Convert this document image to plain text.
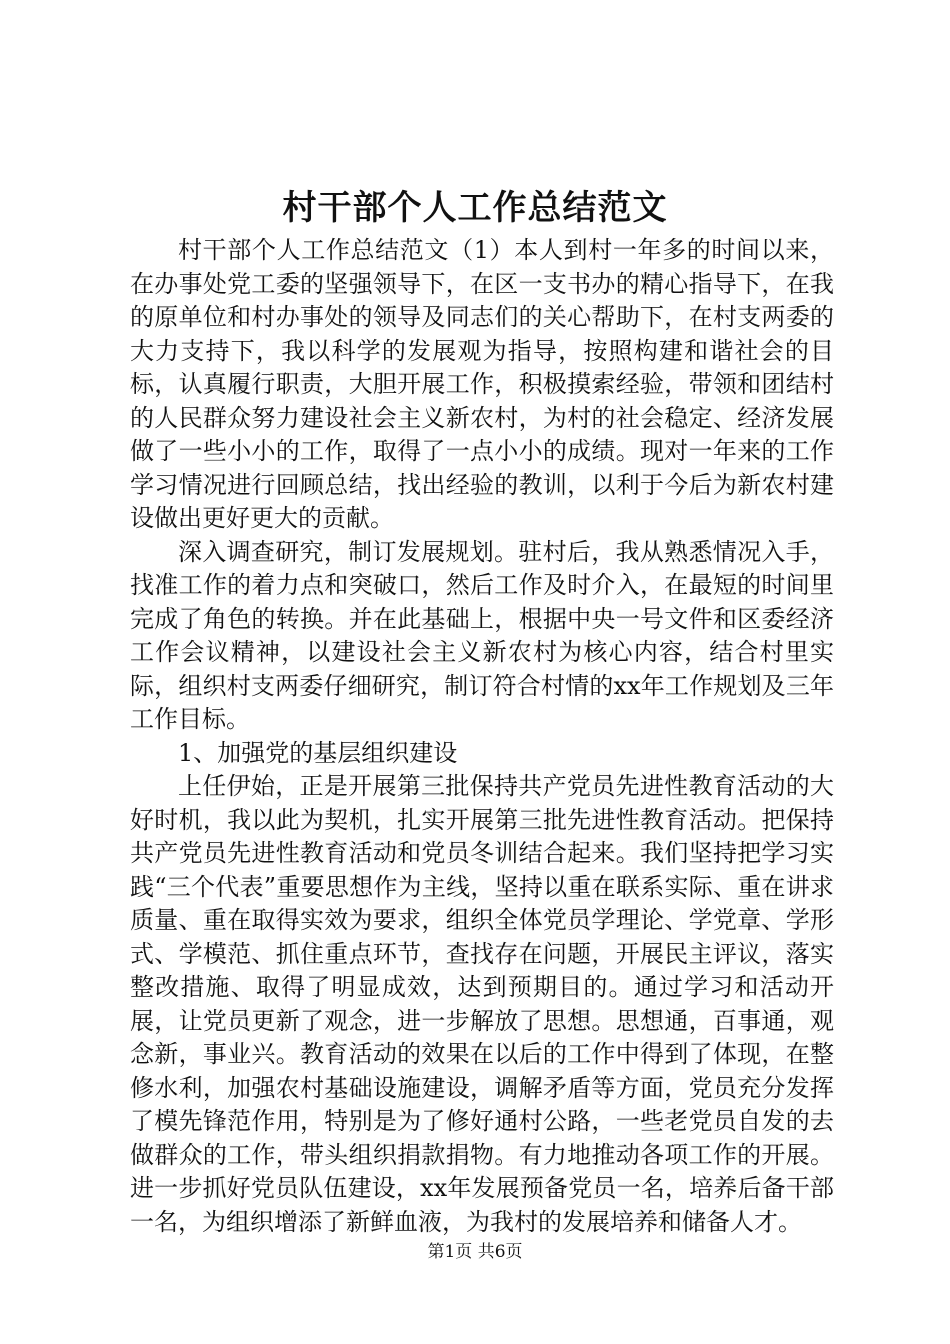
村干部个人工作总结范文

村干部个人工作总结范文（1）本人到村一年多的时间以来，在办事处党工委的坚强领导下，在区一支书办的精心指导下，在我的原单位和村办事处的领导及同志们的关心帮助下，在村支两委的大力支持下，我以科学的发展观为指导，按照构建和谐社会的目标，认真履行职责，大胆开展工作，积极摸索经验，带领和团结村的人民群众努力建设社会主义新农村，为村的社会稳定、经济发展做了一些小小的工作，取得了一点小小的成绩。现对一年来的工作学习情况进行回顾总结，找出经验的教训，以利于今后为新农村建设做出更好更大的贡献。

深入调查研究，制订发展规划。驻村后，我从熟悉情况入手，找准工作的着力点和突破口，然后工作及时介入，在最短的时间里完成了角色的转换。并在此基础上，根据中央一号文件和区委经济工作会议精神，以建设社会主义新农村为核心内容，结合村里实际，组织村支两委仔细研究，制订符合村情的xx年工作规划及三年工作目标。

1、加强党的基层组织建设

上任伊始，正是开展第三批保持共产党员先进性教育活动的大好时机，我以此为契机，扎实开展第三批先进性教育活动。把保持共产党员先进性教育活动和党员冬训结合起来。我们坚持把学习实践“三个代表”重要思想作为主线，坚持以重在联系实际、重在讲求质量、重在取得实效为要求，组织全体党员学理论、学党章、学形式、学模范、抓住重点环节，查找存在问题，开展民主评议，落实整改措施、取得了明显成效，达到预期目的。通过学习和活动开展，让党员更新了观念，进一步解放了思想。思想通，百事通，观念新，事业兴。教育活动的效果在以后的工作中得到了体现，在整修水利，加强农村基础设施建设，调解矛盾等方面，党员充分发挥了模先锋范作用，特别是为了修好通村公路，一些老党员自发的去做群众的工作，带头组织捐款捐物。有力地推动各项工作的开展。进一步抓好党员队伍建设，xx年发展预备党员一名，培养后备干部一名，为组织增添了新鲜血液，为我村的发展培养和储备人才。

第1页 共6页
